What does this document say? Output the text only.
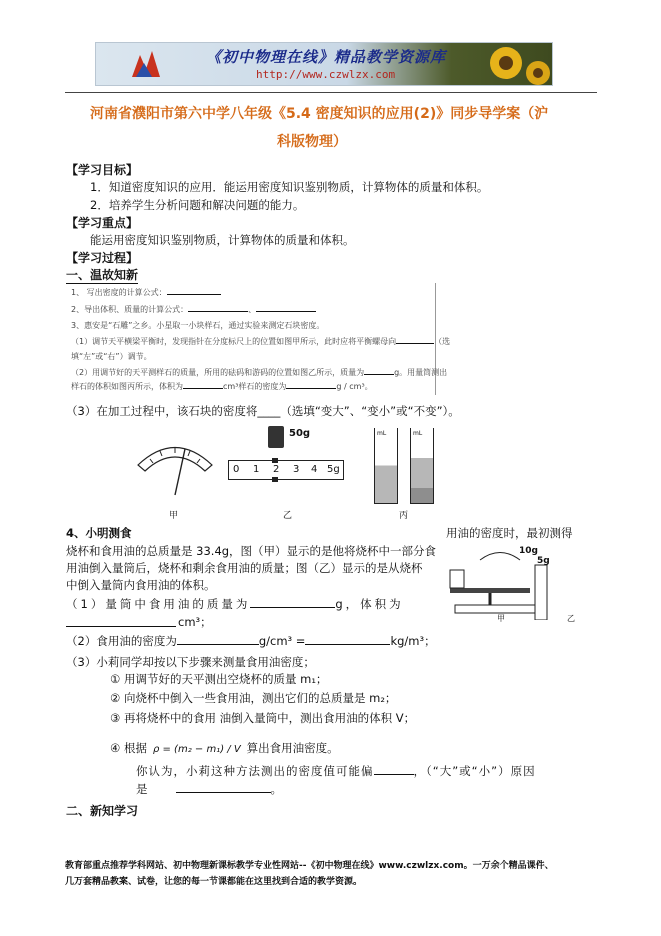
《初中物理在线》精品教学资源库
http://www.czwlzx.com
河南省濮阳市第六中学八年级《5.4 密度知识的应用(2)》同步导学案（沪
科版物理）
【学习目标】
1．知道密度知识的应用．能运用密度知识鉴别物质，计算物体的质量和体积。
2．培养学生分析问题和解决问题的能力。
【学习重点】
能运用密度知识鉴别物质，计算物体的质量和体积。
【学习过程】
一、温故知新
1、 写出密度的计算公式：
2、导出体积、质量的计算公式：	、
3、惠安是“石雕”之乡。小星取一小块样石，通过实验来测定石块密度。
（1）调节天平横梁平衡时，发现指针在分度标尺上的位置如图甲所示，此时应将平衡螺母向	（选
填“左”或“右”）调节。
（2）用调节好的天平测样石的质量，所用的砝码和游码的位置如图乙所示，质量为	g。用量筒测出
样石的体积如图丙所示，体积为	cm³样石的密度为	g / cm³。
（3）在加工过程中，该石块的密度将____（选填“变大”、“变小”或“不变”）。
甲
50g
0 1 2 3 4 5g
乙
mL	mL
丙
4、小明测食	用油的密度时，最初测得
烧杯和食用油的总质量是 33.4g，图（甲）显示的是他将烧杯中一部分食
用油倒入量筒后，烧杯和剩余食用油的质量；图（乙）显示的是从烧杯
中倒入量筒内食用油的体积。
（1）量筒中食用油的质量为	g，体积为
cm³；
（2）食用油的密度为	g/cm³ =	kg/m³；
（3）小莉同学却按以下步骤来测量食用油密度；
① 用调节好的天平测出空烧杯的质量 m₁；
② 向烧杯中倒入一些食用油，测出它们的总质量是 m₂；
③ 再将烧杯中的食用 油倒入量筒中，测出食用油的体积 V；
④ 根据 ρ = (m₂ − m₁) / V 算出食用油密度。
你认为，小莉这种方法测出的密度值可能偏	，（“大”或“小”）原因
是	。
10g
5g
甲	乙
二、新知学习
教育部重点推荐学科网站、初中物理新课标教学专业性网站--《初中物理在线》www.czwlzx.com。一万余个精品课件、
几万套精品教案、试卷，让您的每一节课都能在这里找到合适的教学资源。
